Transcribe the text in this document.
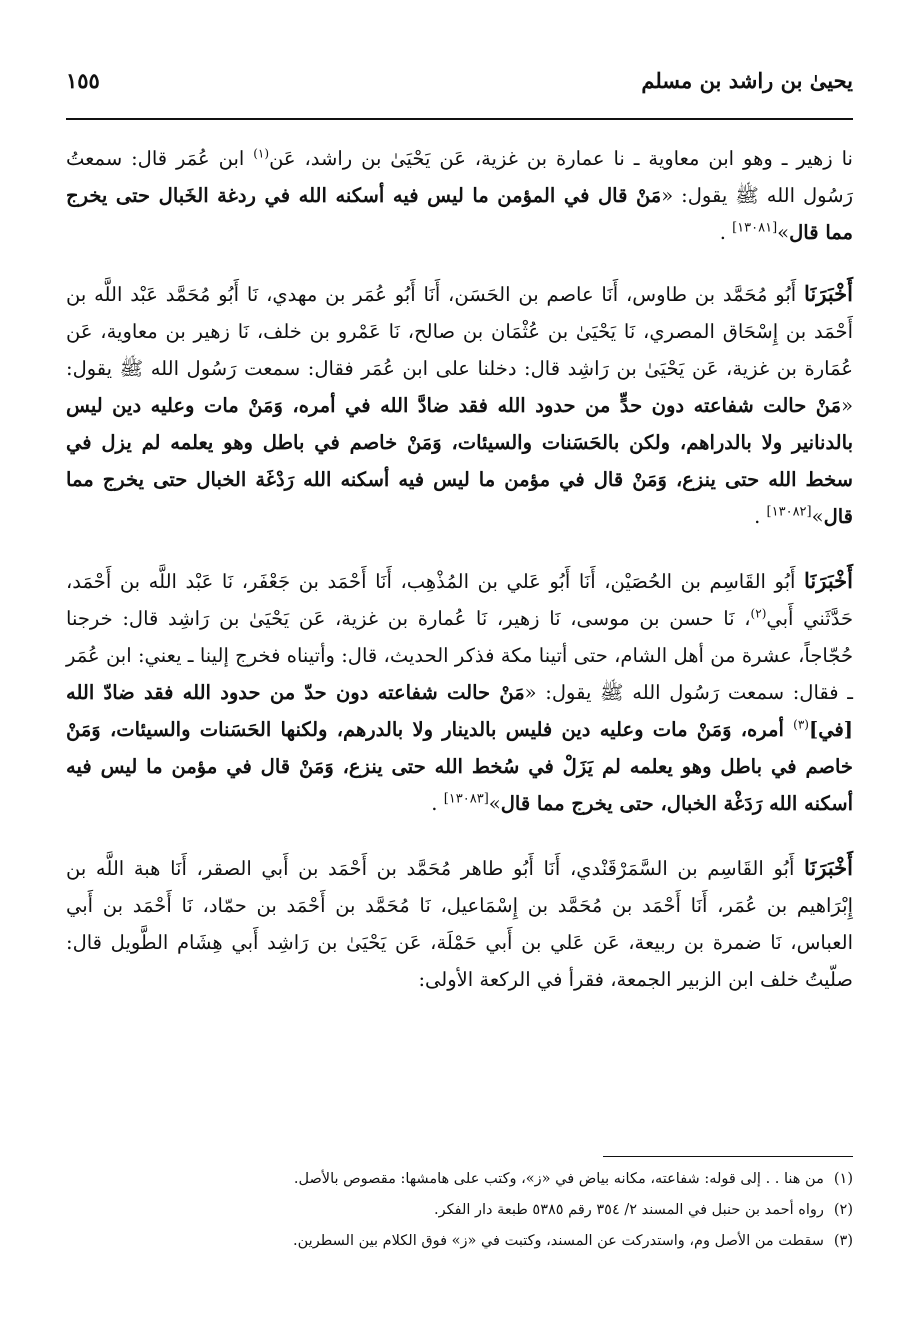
يحيىٰ بن راشد بن مسلم
١٥٥

نا زهير ـ وهو ابن معاوية ـ نا عمارة بن غزية، عَن يَحْيَىٰ بن راشد، عَن$^{(١)}$ ابن عُمَر قال: سمعتُ رَسُول الله ﷺ يقول: «مَنْ قال في المؤمن ما ليس فيه أسكنه الله في ردغة الخَبال حتى يخرج مما قال»[١٣٠٨١] .

أَخْبَرَنَا أَبُو مُحَمَّد بن طاوس، أَنَا عاصم بن الحَسَن، أَنَا أَبُو عُمَر بن مهدي، نَا أَبُو مُحَمَّد عَبْد اللَّه بن أَحْمَد بن إِسْحَاق المصري، نَا يَحْيَىٰ بن عُثْمَان بن صالح، نَا عَمْرو بن خلف، نَا زهير بن معاوية، عَن عُمَارة بن غزية، عَن يَحْيَىٰ بن رَاشِد قال: دخلنا على ابن عُمَر فقال: سمعت رَسُول الله ﷺ يقول: «مَنْ حالت شفاعته دون حدٍّ من حدود الله فقد ضادَّ الله في أمره، وَمَنْ مات وعليه دين ليس بالدنانير ولا بالدراهم، ولكن بالحَسَنات والسيئات، وَمَنْ خاصم في باطل وهو يعلمه لم يزل في سخط الله حتى ينزع، وَمَنْ قال في مؤمن ما ليس فيه أسكنه الله رَدْغَة الخبال حتى يخرج مما قال»[١٣٠٨٢] .

أَخْبَرَنَا أَبُو القَاسِم بن الحُصَيْن، أَنَا أَبُو عَلي بن المُذْهِب، أَنَا أَحْمَد بن جَعْفَر، نَا عَبْد اللَّه بن أَحْمَد، حَدَّثَني أَبي$^{(٢)}$، نَا حسن بن موسى، نَا زهير، نَا عُمارة بن غزية، عَن يَحْيَىٰ بن رَاشِد قال: خرجنا حُجّاجاً، عشرة من أهل الشام، حتى أتينا مكة فذكر الحديث، قال: وأتيناه فخرج إلينا ـ يعني: ابن عُمَر ـ فقال: سمعت رَسُول الله ﷺ يقول: «مَنْ حالت شفاعته دون حدّ من حدود الله فقد ضادّ الله [في]$^{(٣)}$ أمره، وَمَنْ مات وعليه دين فليس بالدينار ولا بالدرهم، ولكنها الحَسَنات والسيئات، وَمَنْ خاصم في باطل وهو يعلمه لم يَزَلْ في سُخط الله حتى ينزع، وَمَنْ قال في مؤمن ما ليس فيه أسكنه الله رَدَغْة الخبال، حتى يخرج مما قال»[١٣٠٨٣] .

أَخْبَرَنَا أَبُو القَاسِم بن السَّمَرْقَنْدي، أَنَا أَبُو طاهر مُحَمَّد بن أَحْمَد بن أَبي الصقر، أَنَا هبة اللَّه بن إِبْرَاهيم بن عُمَر، أَنَا أَحْمَد بن مُحَمَّد بن إِسْمَاعيل، نَا مُحَمَّد بن أَحْمَد بن حمّاد، نَا أَحْمَد بن أَبي العباس، نَا ضمرة بن ربيعة، عَن عَلي بن أَبي حَمْلَة، عَن يَحْيَىٰ بن رَاشِد أَبي هِشَام الطَّويل قال: صلّيتُ خلف ابن الزبير الجمعة، فقرأ في الركعة الأولى:

(١)من هنا . . إلى قوله: شفاعته، مكانه بياض في «ز»، وكتب على هامشها: مقصوص بالأصل.
(٢)رواه أحمد بن حنبل في المسند ٢/ ٣٥٤ رقم ٥٣٨٥ طبعة دار الفكر.
(٣)سقطت من الأصل وم، واستدركت عن المسند، وكتبت في «ز» فوق الكلام بين السطرين.
